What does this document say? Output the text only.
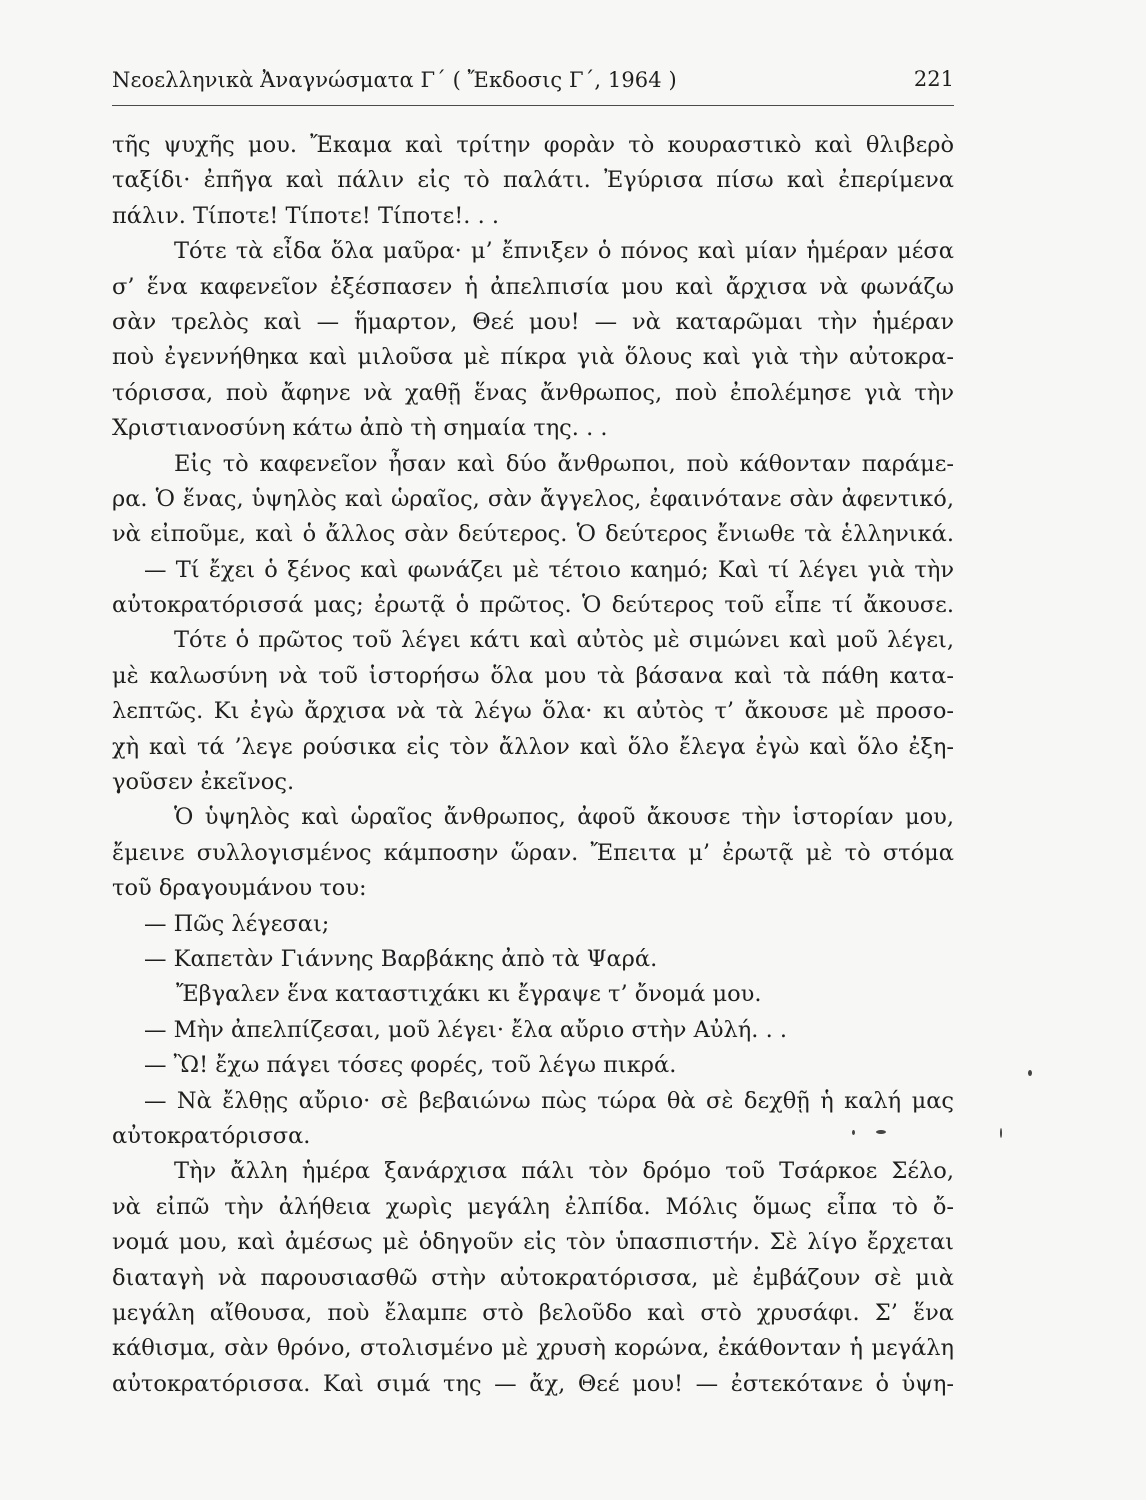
Νεοελληνικὰ Ἀναγνώσματα Γ΄ ( Ἔκδοσις Γ΄, 1964 )	221
τῆς ψυχῆς μου. Ἔκαμα καὶ τρίτην φορὰν τὸ κουραστικὸ καὶ θλιβερὸ
ταξίδι· ἐπῆγα καὶ πάλιν εἰς τὸ παλάτι. Ἐγύρισα πίσω καὶ ἐπερίμενα
πάλιν. Τίποτε! Τίποτε! Τίποτε!. . .
Τότε τὰ εἶδα ὅλα μαῦρα· μ’ ἔπνιξεν ὁ πόνος καὶ μίαν ἡμέραν μέσα
σ’ ἕνα καφενεῖον ἐξέσπασεν ἡ ἀπελπισία μου καὶ ἄρχισα νὰ φωνάζω
σὰν τρελὸς καὶ — ἥμαρτον, Θεέ μου! — νὰ καταρῶμαι τὴν ἡμέραν
ποὺ ἐγεννήθηκα καὶ μιλοῦσα μὲ πίκρα γιὰ ὅλους καὶ γιὰ τὴν αὐτοκρα-
τόρισσα, ποὺ ἄφηνε νὰ χαθῇ ἕνας ἄνθρωπος, ποὺ ἐπολέμησε γιὰ τὴν
Χριστιανοσύνη κάτω ἀπὸ τὴ σημαία της. . .
Εἰς τὸ καφενεῖον ἦσαν καὶ δύο ἄνθρωποι, ποὺ κάθονταν παράμε-
ρα. Ὁ ἕνας, ὑψηλὸς καὶ ὡραῖος, σὰν ἄγγελος, ἐφαινότανε σὰν ἀφεντικό,
νὰ εἰποῦμε, καὶ ὁ ἄλλος σὰν δεύτερος. Ὁ δεύτερος ἔνιωθε τὰ ἑλληνικά.
— Τί ἔχει ὁ ξένος καὶ φωνάζει μὲ τέτοιο καημό; Καὶ τί λέγει γιὰ τὴν
αὐτοκρατόρισσά μας; ἐρωτᾷ ὁ πρῶτος. Ὁ δεύτερος τοῦ εἶπε τί ἄκουσε.
Τότε ὁ πρῶτος τοῦ λέγει κάτι καὶ αὐτὸς μὲ σιμώνει καὶ μοῦ λέγει,
μὲ καλωσύνη νὰ τοῦ ἱστορήσω ὅλα μου τὰ βάσανα καὶ τὰ πάθη κατα-
λεπτῶς. Κι ἐγὼ ἄρχισα νὰ τὰ λέγω ὅλα· κι αὐτὸς τ’ ἄκουσε μὲ προσο-
χὴ καὶ τά ’λεγε ρούσικα εἰς τὸν ἄλλον καὶ ὅλο ἔλεγα ἐγὼ καὶ ὅλο ἐξη-
γοῦσεν ἐκεῖνος.
Ὁ ὑψηλὸς καὶ ὡραῖος ἄνθρωπος, ἀφοῦ ἄκουσε τὴν ἱστορίαν μου,
ἔμεινε συλλογισμένος κάμποσην ὥραν. Ἔπειτα μ’ ἐρωτᾷ μὲ τὸ στόμα
τοῦ δραγουμάνου του:
— Πῶς λέγεσαι;
— Καπετὰν Γιάννης Βαρβάκης ἀπὸ τὰ Ψαρά.
Ἔβγαλεν ἕνα καταστιχάκι κι ἔγραψε τ’ ὄνομά μου.
— Μὴν ἀπελπίζεσαι, μοῦ λέγει· ἔλα αὔριο στὴν Αὐλή. . .
— Ὢ! ἔχω πάγει τόσες φορές, τοῦ λέγω πικρά.
— Νὰ ἔλθῃς αὔριο· σὲ βεβαιώνω πὼς τώρα θὰ σὲ δεχθῇ ἡ καλή μας
αὐτοκρατόρισσα.
Τὴν ἄλλη ἡμέρα ξανάρχισα πάλι τὸν δρόμο τοῦ Τσάρκοε Σέλο,
νὰ εἰπῶ τὴν ἀλήθεια χωρὶς μεγάλη ἐλπίδα. Μόλις ὅμως εἶπα τὸ ὄ-
νομά μου, καὶ ἀμέσως μὲ ὁδηγοῦν εἰς τὸν ὑπασπιστήν. Σὲ λίγο ἔρχεται
διαταγὴ νὰ παρουσιασθῶ στὴν αὐτοκρατόρισσα, μὲ ἐμβάζουν σὲ μιὰ
μεγάλη αἴθουσα, ποὺ ἔλαμπε στὸ βελοῦδο καὶ στὸ χρυσάφι. Σ’ ἕνα
κάθισμα, σὰν θρόνο, στολισμένο μὲ χρυσὴ κορώνα, ἐκάθονταν ἡ μεγάλη
αὐτοκρατόρισσα. Καὶ σιμά της — ἄχ, Θεέ μου! — ἐστεκότανε ὁ ὑψη-
